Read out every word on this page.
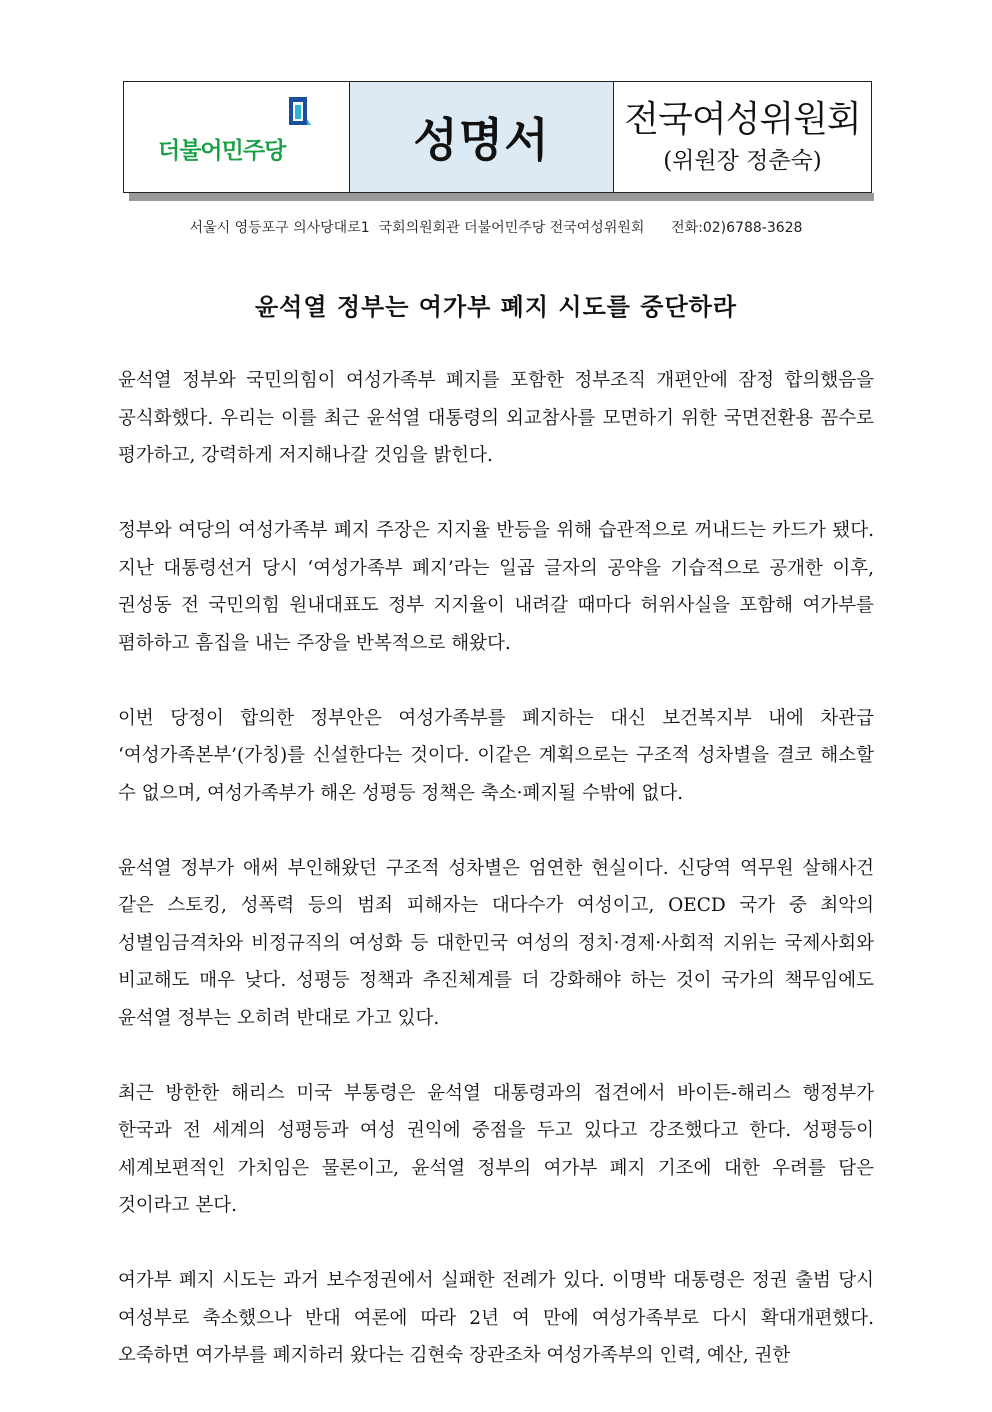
더불어민주당	성명서 전국여성위원회
(위원장 정춘숙)
서울시 영등포구 의사당대로1  국회의원회관 더불어민주당 전국여성위원회      전화:02)6788-3628
윤석열 정부는 여가부 폐지 시도를 중단하라

윤석열 정부와 국민의힘이 여성가족부 폐지를 포함한 정부조직 개편안에 잠정 합의했음을 공식화했다. 우리는 이를 최근 윤석열 대통령의 외교참사를 모면하기 위한 국면전환용 꼼수로 평가하고, 강력하게 저지해나갈 것임을 밝힌다.

정부와 여당의 여성가족부 폐지 주장은 지지율 반등을 위해 습관적으로 꺼내드는 카드가 됐다. 지난 대통령선거 당시 ‘여성가족부 폐지’라는 일곱 글자의 공약을 기습적으로 공개한 이후, 권성동 전 국민의힘 원내대표도 정부 지지율이 내려갈 때마다 허위사실을 포함해 여가부를 폄하하고 흠집을 내는 주장을 반복적으로 해왔다.

이번 당정이 합의한 정부안은 여성가족부를 폐지하는 대신 보건복지부 내에 차관급 ‘여성가족본부’(가칭)를 신설한다는 것이다. 이같은 계획으로는 구조적 성차별을 결코 해소할 수 없으며, 여성가족부가 해온 성평등 정책은 축소·폐지될 수밖에 없다.

윤석열 정부가 애써 부인해왔던 구조적 성차별은 엄연한 현실이다. 신당역 역무원 살해사건 같은 스토킹, 성폭력 등의 범죄 피해자는 대다수가 여성이고, OECD 국가 중 최악의 성별임금격차와 비정규직의 여성화 등 대한민국 여성의 정치·경제·사회적 지위는 국제사회와 비교해도 매우 낮다. 성평등 정책과 추진체계를 더 강화해야 하는 것이 국가의 책무임에도 윤석열 정부는 오히려 반대로 가고 있다.

최근 방한한 해리스 미국 부통령은 윤석열 대통령과의 접견에서 바이든-해리스 행정부가 한국과 전 세계의 성평등과 여성 권익에 중점을 두고 있다고 강조했다고 한다. 성평등이 세계보편적인 가치임은 물론이고, 윤석열 정부의 여가부 폐지 기조에 대한 우려를 담은 것이라고 본다.

여가부 폐지 시도는 과거 보수정권에서 실패한 전례가 있다. 이명박 대통령은 정권 출범 당시 여성부로 축소했으나 반대 여론에 따라 2년 여 만에 여성가족부로 다시 확대개편했다. 오죽하면 여가부를 폐지하러 왔다는 김현숙 장관조차 여성가족부의 인력, 예산, 권한
